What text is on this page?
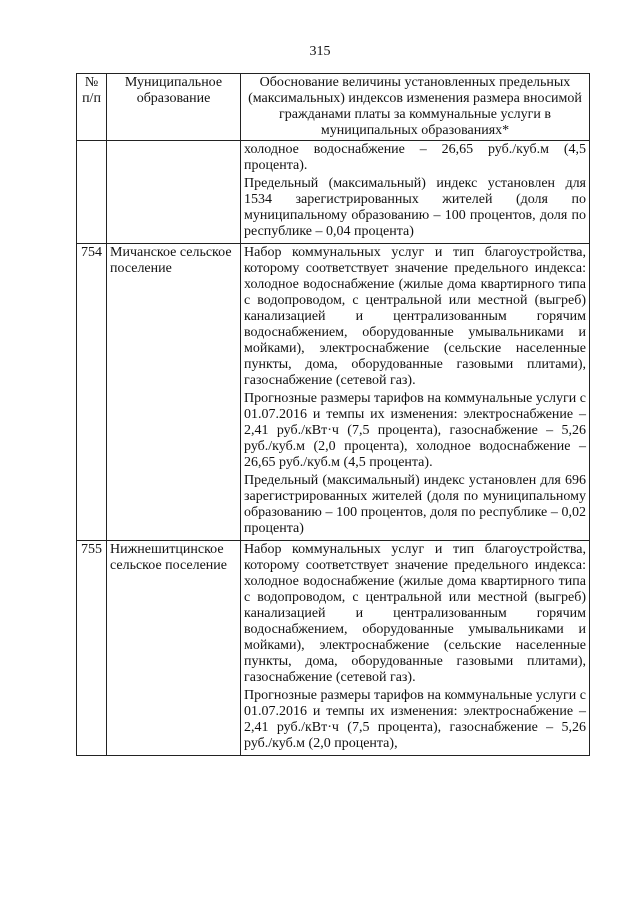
315
№ п/п	Муниципальное образование	Обоснование величины установленных предельных (максимальных) индексов изменения размера вносимой гражданами платы за коммунальные услуги в муниципальных образованиях*

		холодное водоснабжение – 26,65 руб./куб.м (4,5 процента).

Предельный (максимальный) индекс установлен для 1534 зарегистрированных жителей (доля по муниципальному образованию – 100 процентов, доля по республике – 0,04 процента)

754	Мичанское сельское поселение	Набор коммунальных услуг и тип благоустройства, которому соответствует значение предельного индекса: холодное водоснабжение (жилые дома квартирного типа с водопроводом, с центральной или местной (выгреб) канализацией и централизованным горячим водоснабжением, оборудованные умывальниками и мойками), электроснабжение (сельские населенные пункты, дома, оборудованные газовыми плитами), газоснабжение (сетевой газ).

Прогнозные размеры тарифов на коммунальные услуги с 01.07.2016 и темпы их изменения: электроснабжение – 2,41 руб./кВт·ч (7,5 процента), газоснабжение – 5,26 руб./куб.м (2,0 процента), холодное водоснабжение – 26,65 руб./куб.м (4,5 процента).

Предельный (максимальный) индекс установлен для 696 зарегистрированных жителей (доля по муниципальному образованию – 100 процентов, доля по республике – 0,02 процента)

755	Нижнешитцинское сельское поселение	Набор коммунальных услуг и тип благоустройства, которому соответствует значение предельного индекса: холодное водоснабжение (жилые дома квартирного типа с водопроводом, с центральной или местной (выгреб) канализацией и централизованным горячим водоснабжением, оборудованные умывальниками и мойками), электроснабжение (сельские населенные пункты, дома, оборудованные газовыми плитами), газоснабжение (сетевой газ).

Прогнозные размеры тарифов на коммунальные услуги с 01.07.2016 и темпы их изменения: электроснабжение – 2,41 руб./кВт·ч (7,5 процента), газоснабжение – 5,26 руб./куб.м (2,0 процента),
